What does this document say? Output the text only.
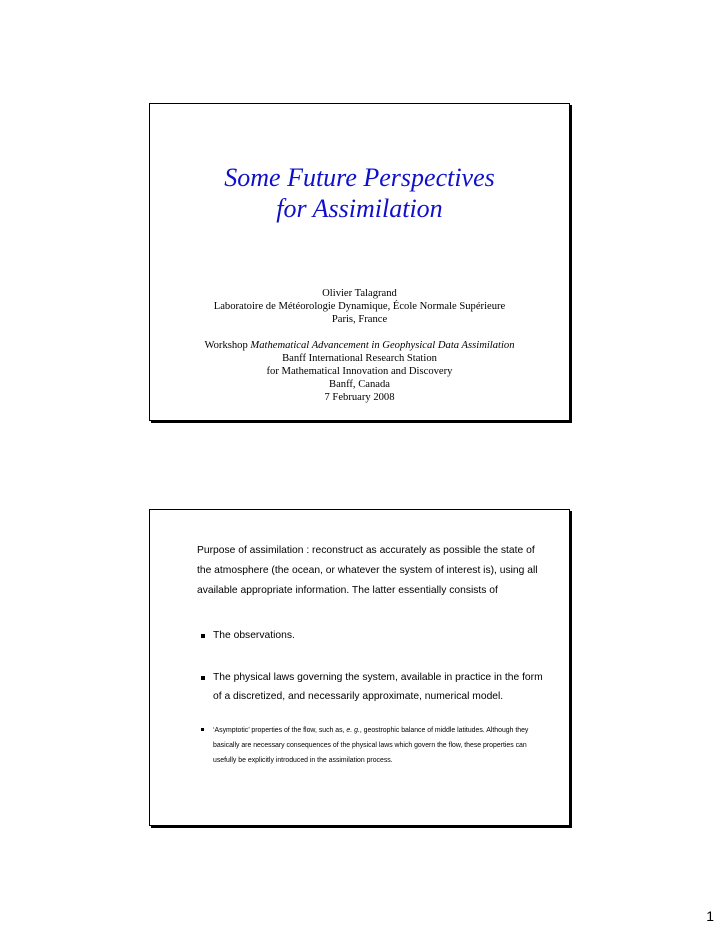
Some Future Perspectives
for Assimilation
Olivier Talagrand
Laboratoire de Météorologie Dynamique, École Normale Supérieure
Paris, France
Workshop Mathematical Advancement in Geophysical Data Assimilation
Banff International Research Station
for Mathematical Innovation and Discovery
Banff, Canada
7 February 2008

Purpose of assimilation : reconstruct as accurately as possible the state of the atmosphere (the ocean, or whatever the system of interest is), using all available appropriate information. The latter essentially consists of

The observations.
The physical laws governing the system, available in practice in the form of a discretized, and necessarily approximate, numerical model.
‘Asymptotic’ properties of the flow, such as, e. g., geostrophic balance of middle latitudes. Although they basically are necessary consequences of the physical laws which govern the flow, these properties can usefully be explicitly introduced in the assimilation process.
1
